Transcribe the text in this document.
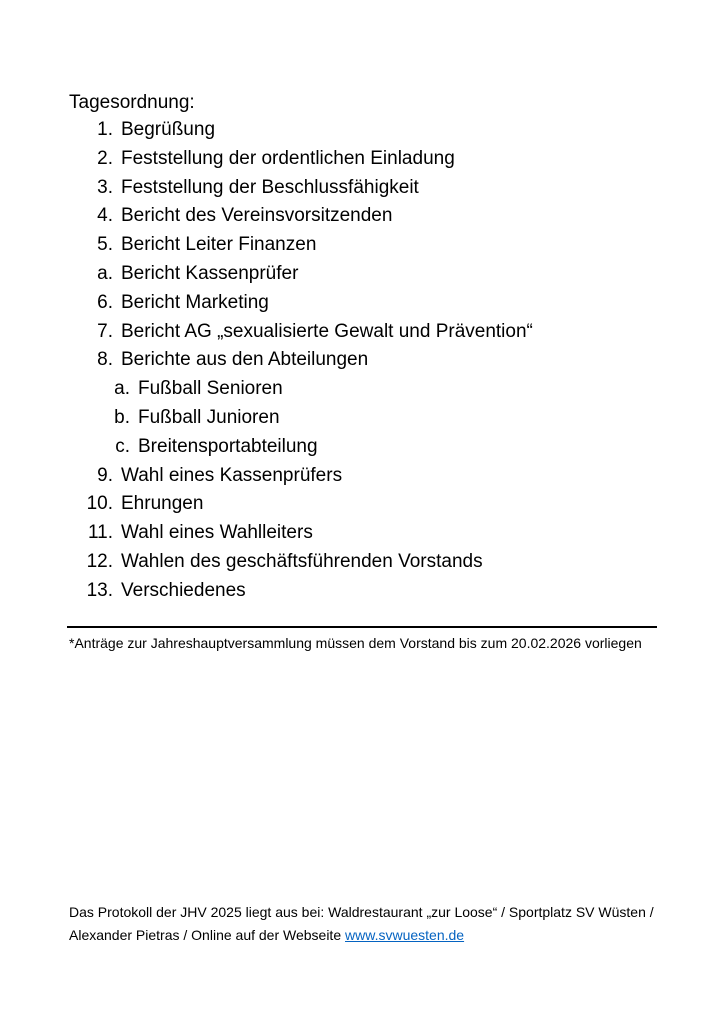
Tagesordnung:
1. Begrüßung
2. Feststellung der ordentlichen Einladung
3. Feststellung der Beschlussfähigkeit
4. Bericht des Vereinsvorsitzenden
5. Bericht Leiter Finanzen
a. Bericht Kassenprüfer
6. Bericht Marketing
7. Bericht AG „sexualisierte Gewalt und Prävention“
8. Berichte aus den Abteilungen
a. Fußball Senioren
b. Fußball Junioren
c. Breitensportabteilung
9. Wahl eines Kassenprüfers
10. Ehrungen
11. Wahl eines Wahlleiters
12. Wahlen des geschäftsführenden Vorstands
13. Verschiedenes
*Anträge zur Jahreshauptversammlung müssen dem Vorstand bis zum 20.02.2026 vorliegen
Das Protokoll der JHV 2025 liegt aus bei: Waldrestaurant „zur Loose“ / Sportplatz SV Wüsten / Alexander Pietras / Online auf der Webseite www.svwuesten.de
